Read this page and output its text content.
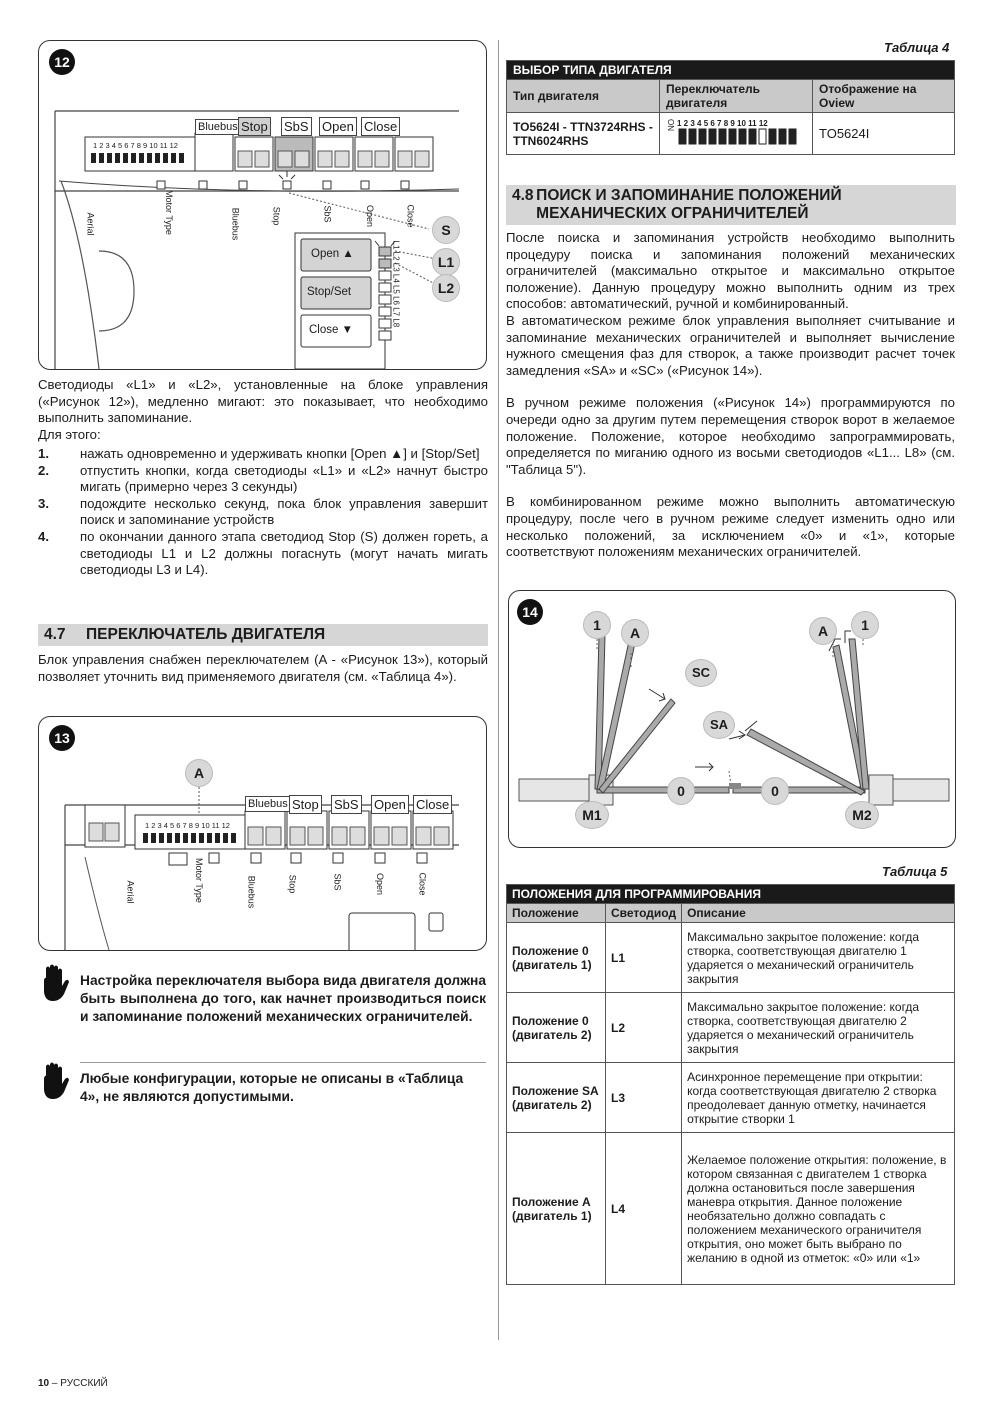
12
Bluebus Stop SbS Open Close
1 2 3 4 5 6 7 8 9 10 11 12
Aerial	Motor Type	Bluebus	Stop	SbS	Open	Close
Open ▲
Stop/Set
Close ▼
L1 L2 L3 L4 L5 L6 L7 L8
S
L1
L2
Светодиоды «L1» и «L2», установленные на блоке управления («Рисунок 12»), медленно мигают: это показывает, что необходимо выполнить запоминание.
Для этого:
1. нажать одновременно и удерживать кнопки [Open ▲] и [Stop/Set]
2. отпустить кнопки, когда светодиоды «L1» и «L2» начнут быстро мигать (примерно через 3 секунды)
3. подождите несколько секунд, пока блок управления завершит поиск и запоминание устройств
4. по окончании данного этапа светодиод Stop (S) должен гореть, а светодиоды L1 и L2 должны погаснуть (могут начать мигать светодиоды L3 и L4).
4.7 ПЕРЕКЛЮЧАТЕЛЬ ДВИГАТЕЛЯ
Блок управления снабжен переключателем (A - «Рисунок 13»), который позволяет уточнить вид применяемого двигателя (см. «Таблица 4»).
13
A
Bluebus Stop SbS Open Close
1 2 3 4 5 6 7 8 9 10 11 12
Aerial	Motor Type	Bluebus	Stop	SbS	Open	Close
Настройка переключателя выбора вида двигателя должна быть выполнена до того, как начнет производиться поиск и запоминание положений механических ограничителей.
Любые конфигурации, которые не описаны в «Таблица 4», не являются допустимыми.
Таблица 4
ВЫБОР ТИПА ДВИГАТЕЛЯ		
Тип двигателя	Переключатель двигателя	Отображение на Oview
TO5624I - TTN3724RHS - TTN6024RHS	ON 1 2 3 4 5 6 7 8 9 10 11 12	TO5624I
4.8 ПОИСК И ЗАПОМИНАНИЕ ПОЛОЖЕНИЙ МЕХАНИЧЕСКИХ ОГРАНИЧИТЕЛЕЙ
После поиска и запоминания устройств необходимо выполнить процедуру поиска и запоминания положений механических ограничителей (максимально открытое и максимально открытое положение). Данную процедуру можно выполнить одним из трех способов: автоматический, ручной и комбинированный.
В автоматическом режиме блок управления выполняет считывание и запоминание механических ограничителей и выполняет вычисление нужного смещения фаз для створок, а также производит расчет точек замедления «SA» и «SC» («Рисунок 14»).
В ручном режиме положения («Рисунок 14») программируются по очереди одно за другим путем перемещения створок ворот в желаемое положение. Положение, которое необходимо запрограммировать, определяется по миганию одного из восьми светодиодов «L1... L8» (см. "Таблица 5").
В комбинированном режиме можно выполнить автоматическую процедуру, после чего в ручном режиме следует изменить одно или несколько положений, за исключением «0» и «1», которые соответствуют положениям механических ограничителей.
14
1	A	A	1
SC
SA
0	0
M1	M2
Таблица 5
ПОЛОЖЕНИЯ ДЛЯ ПРОГРАММИРОВАНИЯ		
Положение	Светодиод	Описание
Положение 0 (двигатель 1)	L1	Максимально закрытое положение: когда створка, соответствующая двигателю 1 ударяется о механический ограничитель закрытия
Положение 0 (двигатель 2)	L2	Максимально закрытое положение: когда створка, соответствующая двигателю 2 ударяется о механический ограничитель закрытия
Положение SA (двигатель 2)	L3	Асинхронное перемещение при открытии: когда соответствующая двигателю 2 створка преодолевает данную отметку, начинается открытие створки 1
Положение A (двигатель 1)	L4	Желаемое положение открытия: положение, в котором связанная с двигателем 1 створка должна остановиться после завершения маневра открытия. Данное положение необязательно должно совпадать с положением механического ограничителя открытия, оно может быть выбрано по желанию в одной из отметок: «0» или «1»
10 – РУССКИЙ
